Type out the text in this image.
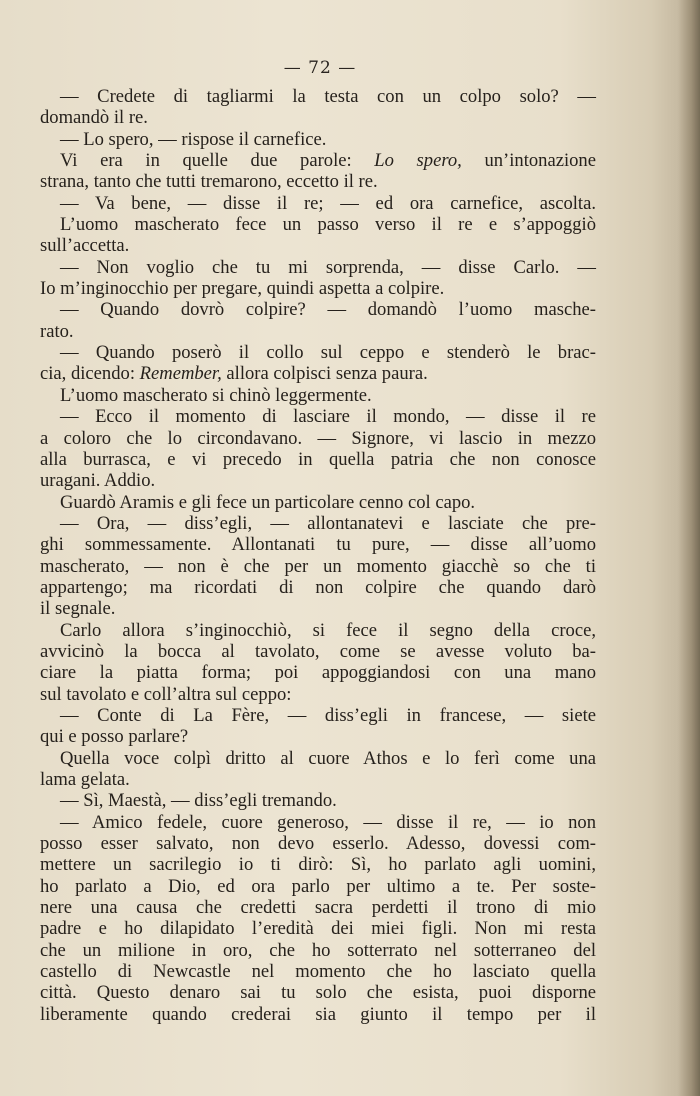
— 72 —
— Credete di tagliarmi la testa con un colpo solo? —
domandò il re.
— Lo spero, — rispose il carnefice.
Vi era in quelle due parole: Lo spero, un’intonazione
strana, tanto che tutti tremarono, eccetto il re.
— Va bene, — disse il re; — ed ora carnefice, ascolta.
L’uomo mascherato fece un passo verso il re e s’appoggiò
sull’accetta.
— Non voglio che tu mi sorprenda, — disse Carlo. —
Io m’inginocchio per pregare, quindi aspetta a colpire.
— Quando dovrò colpire? — domandò l’uomo masche-
rato.
— Quando poserò il collo sul ceppo e stenderò le brac-
cia, dicendo: Remember, allora colpisci senza paura.
L’uomo mascherato si chinò leggermente.
— Ecco il momento di lasciare il mondo, — disse il re
a coloro che lo circondavano. — Signore, vi lascio in mezzo
alla burrasca, e vi precedo in quella patria che non conosce
uragani. Addio.
Guardò Aramis e gli fece un particolare cenno col capo.
— Ora, — diss’egli, — allontanatevi e lasciate che pre-
ghi sommessamente. Allontanati tu pure, — disse all’uomo
mascherato, — non è che per un momento giacchè so che ti
appartengo; ma ricordati di non colpire che quando darò
il segnale.
Carlo allora s’inginocchiò, si fece il segno della croce,
avvicinò la bocca al tavolato, come se avesse voluto ba-
ciare la piatta forma; poi appoggiandosi con una mano
sul tavolato e coll’altra sul ceppo:
— Conte di La Fère, — diss’egli in francese, — siete
qui e posso parlare?
Quella voce colpì dritto al cuore Athos e lo ferì come una
lama gelata.
— Sì, Maestà, — diss’egli tremando.
— Amico fedele, cuore generoso, — disse il re, — io non
posso esser salvato, non devo esserlo. Adesso, dovessi com-
mettere un sacrilegio io ti dirò: Sì, ho parlato agli uomini,
ho parlato a Dio, ed ora parlo per ultimo a te. Per soste-
nere una causa che credetti sacra perdetti il trono di mio
padre e ho dilapidato l’eredità dei miei figli. Non mi resta
che un milione in oro, che ho sotterrato nel sotterraneo del
castello di Newcastle nel momento che ho lasciato quella
città. Questo denaro sai tu solo che esista, puoi disporne
liberamente quando crederai sia giunto il tempo per il
